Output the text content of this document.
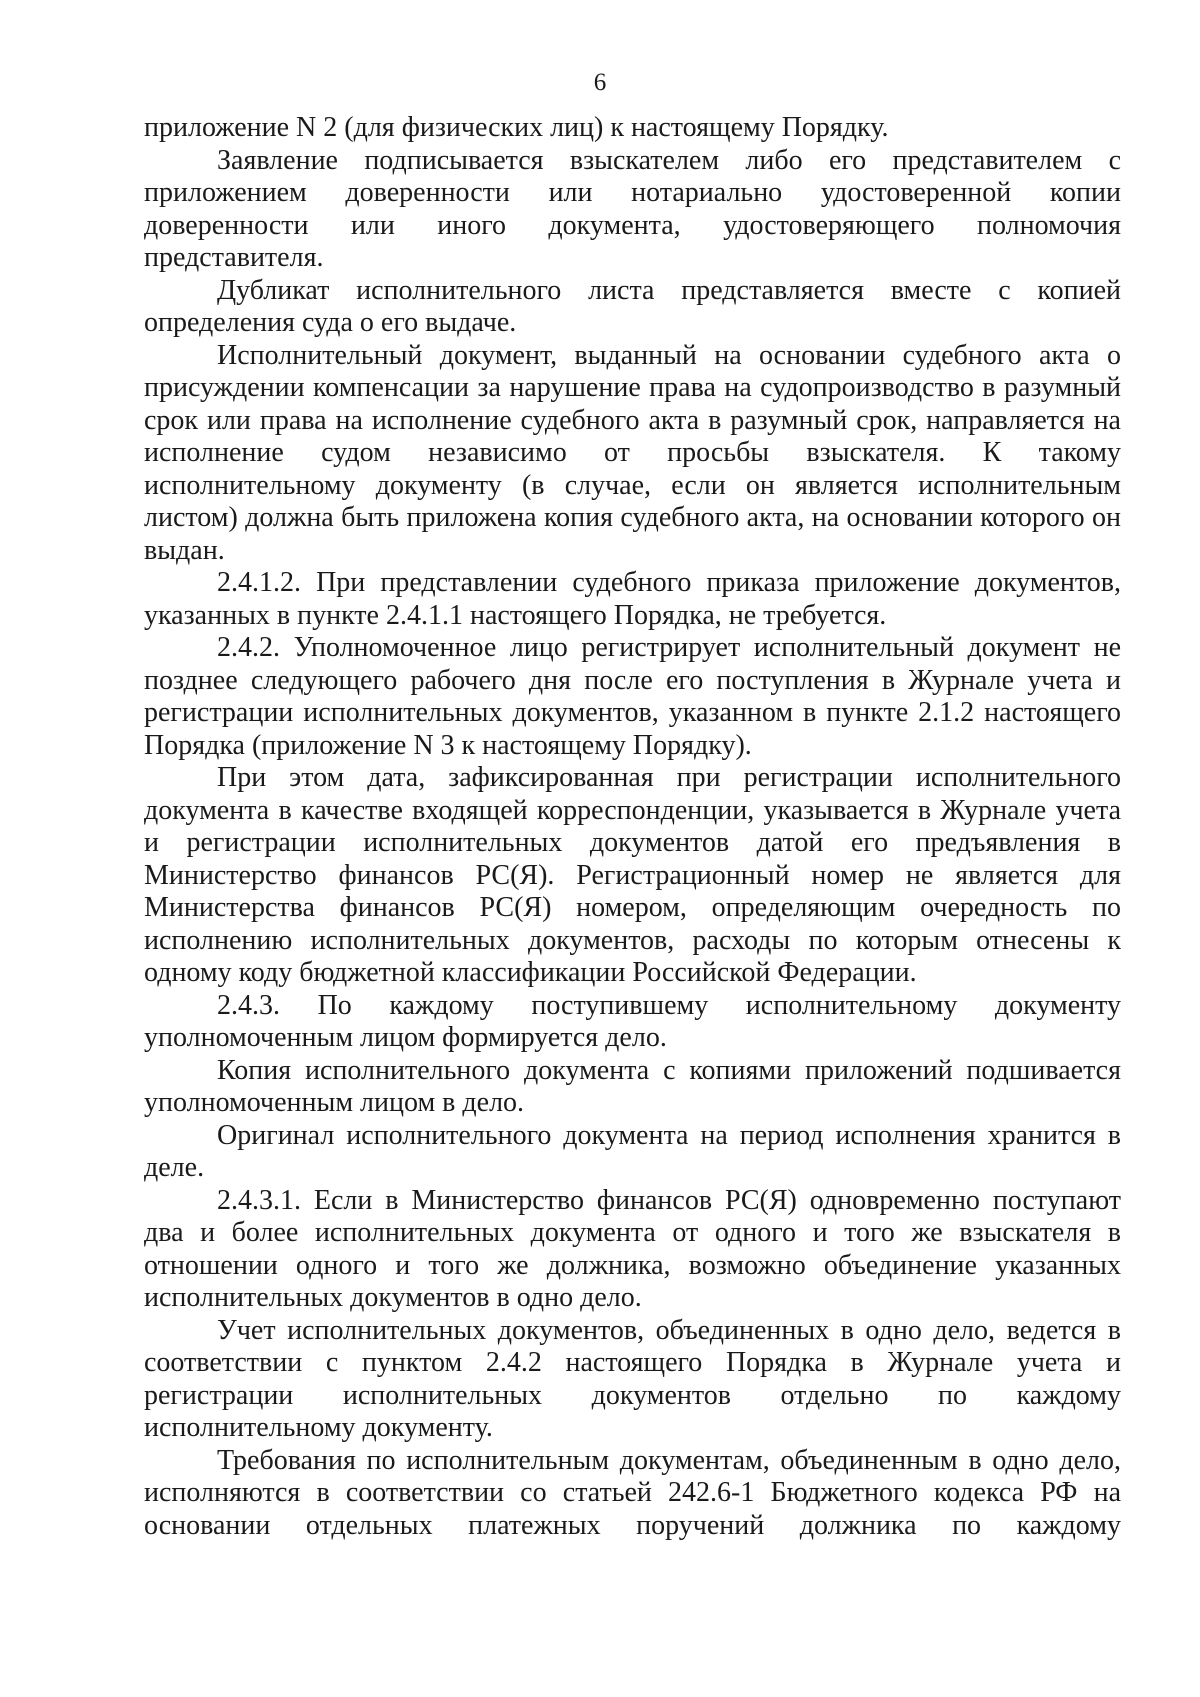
6

приложение N 2 (для физических лиц) к настоящему Порядку.

Заявление подписывается взыскателем либо его представителем с приложением доверенности или нотариально удостоверенной копии доверенности или иного документа, удостоверяющего полномочия представителя.

Дубликат исполнительного листа представляется вместе с копией определения суда о его выдаче.

Исполнительный документ, выданный на основании судебного акта о присуждении компенсации за нарушение права на судопроизводство в разумный срок или права на исполнение судебного акта в разумный срок, направляется на исполнение судом независимо от просьбы взыскателя. К такому исполнительному документу (в случае, если он является исполнительным листом) должна быть приложена копия судебного акта, на основании которого он выдан.

2.4.1.2. При представлении судебного приказа приложение документов, указанных в пункте 2.4.1.1 настоящего Порядка, не требуется.

2.4.2. Уполномоченное лицо регистрирует исполнительный документ не позднее следующего рабочего дня после его поступления в Журнале учета и регистрации исполнительных документов, указанном в пункте 2.1.2 настоящего Порядка (приложение N 3 к настоящему Порядку).

При этом дата, зафиксированная при регистрации исполнительного документа в качестве входящей корреспонденции, указывается в Журнале учета и регистрации исполнительных документов датой его предъявления в Министерство финансов РС(Я). Регистрационный номер не является для Министерства финансов РС(Я) номером, определяющим очередность по исполнению исполнительных документов, расходы по которым отнесены к одному коду бюджетной классификации Российской Федерации.

2.4.3. По каждому поступившему исполнительному документу уполномоченным лицом формируется дело.

Копия исполнительного документа с копиями приложений подшивается уполномоченным лицом в дело.

Оригинал исполнительного документа на период исполнения хранится в деле.

2.4.3.1. Если в Министерство финансов РС(Я) одновременно поступают два и более исполнительных документа от одного и того же взыскателя в отношении одного и того же должника, возможно объединение указанных исполнительных документов в одно дело.

Учет исполнительных документов, объединенных в одно дело, ведется в соответствии с пунктом 2.4.2 настоящего Порядка в Журнале учета и регистрации исполнительных документов отдельно по каждому исполнительному документу.

Требования по исполнительным документам, объединенным в одно дело, исполняются в соответствии со статьей 242.6-1 Бюджетного кодекса РФ на основании отдельных платежных поручений должника по каждому
